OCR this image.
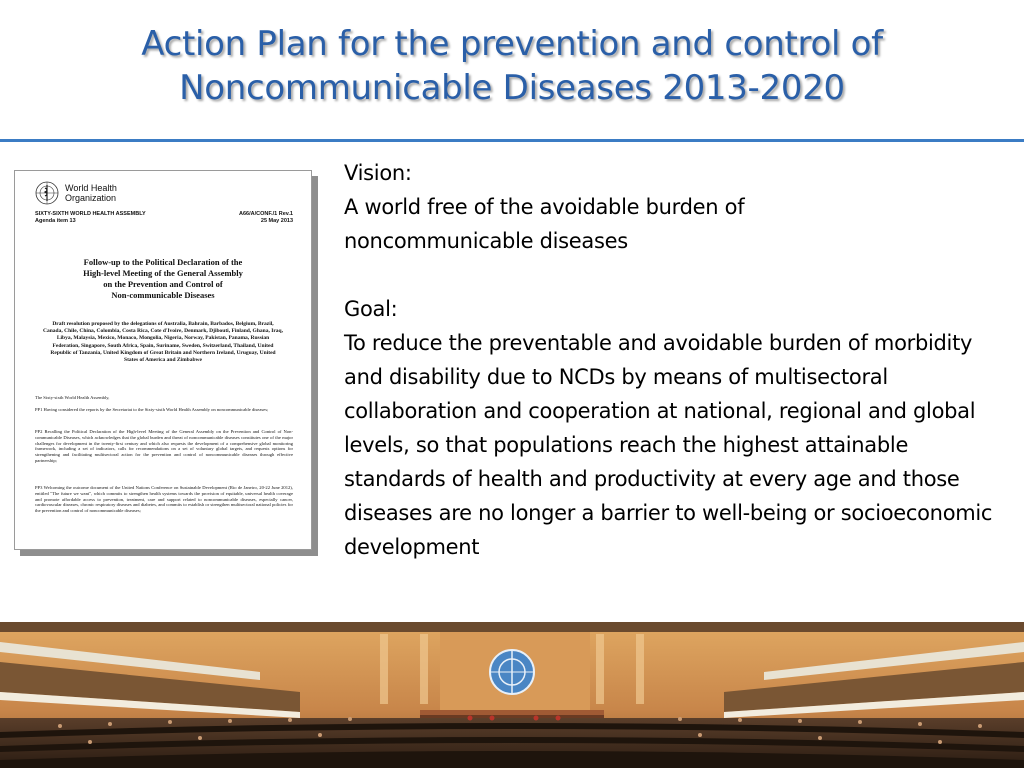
Action Plan for the prevention and control of
Noncommunicable Diseases 2013-2020
World Health
Organization
SIXTY-SIXTH WORLD HEALTH ASSEMBLY
Agenda item 13
A66/A/CONF./1 Rev.1
25 May 2013
Follow-up to the Political Declaration of the
High-level Meeting of the General Assembly
on the Prevention and Control of
Non-communicable Diseases
Draft resolution proposed by the delegations of Australia, Bahrain, Barbados, Belgium, Brazil, Canada, Chile, China, Colombia, Costa Rica, Cote d'Ivoire, Denmark, Djibouti, Finland, Ghana, Iraq, Libya, Malaysia, Mexico, Monaco, Mongolia, Nigeria, Norway, Pakistan, Panama, Russian Federation, Singapore, South Africa, Spain, Suriname, Sweden, Switzerland, Thailand, United Republic of Tanzania, United Kingdom of Great Britain and Northern Ireland, Uruguay, United States of America and Zimbabwe
The Sixty-sixth World Health Assembly,
PP1 Having considered the reports by the Secretariat to the Sixty-sixth World Health Assembly on noncommunicable diseases;
PP2 Recalling the Political Declaration of the High-level Meeting of the General Assembly on the Prevention and Control of Non-communicable Diseases, which acknowledges that the global burden and threat of noncommunicable diseases constitutes one of the major challenges for development in the twenty-first century and which also requests the development of a comprehensive global monitoring framework, including a set of indicators, calls for recommendations on a set of voluntary global targets, and requests options for strengthening and facilitating multisectoral action for the prevention and control of noncommunicable diseases through effective partnership;
PP3 Welcoming the outcome document of the United Nations Conference on Sustainable Development (Rio de Janeiro, 20-22 June 2012), entitled "The future we want", which commits to strengthen health systems towards the provision of equitable, universal health coverage and promote affordable access to prevention, treatment, care and support related to noncommunicable diseases, especially cancer, cardiovascular diseases, chronic respiratory diseases and diabetes, and commits to establish or strengthen multisectoral national policies for the prevention and control of noncommunicable diseases;

Vision:

A world free of the avoidable burden of noncommunicable diseases

Goal:

To reduce the preventable and avoidable burden of morbidity and disability due to NCDs by means of multisectoral collaboration and cooperation at national, regional and global levels, so that populations reach the highest attainable standards of health and productivity at every age and those diseases are no longer a barrier to well-being or socioeconomic development
